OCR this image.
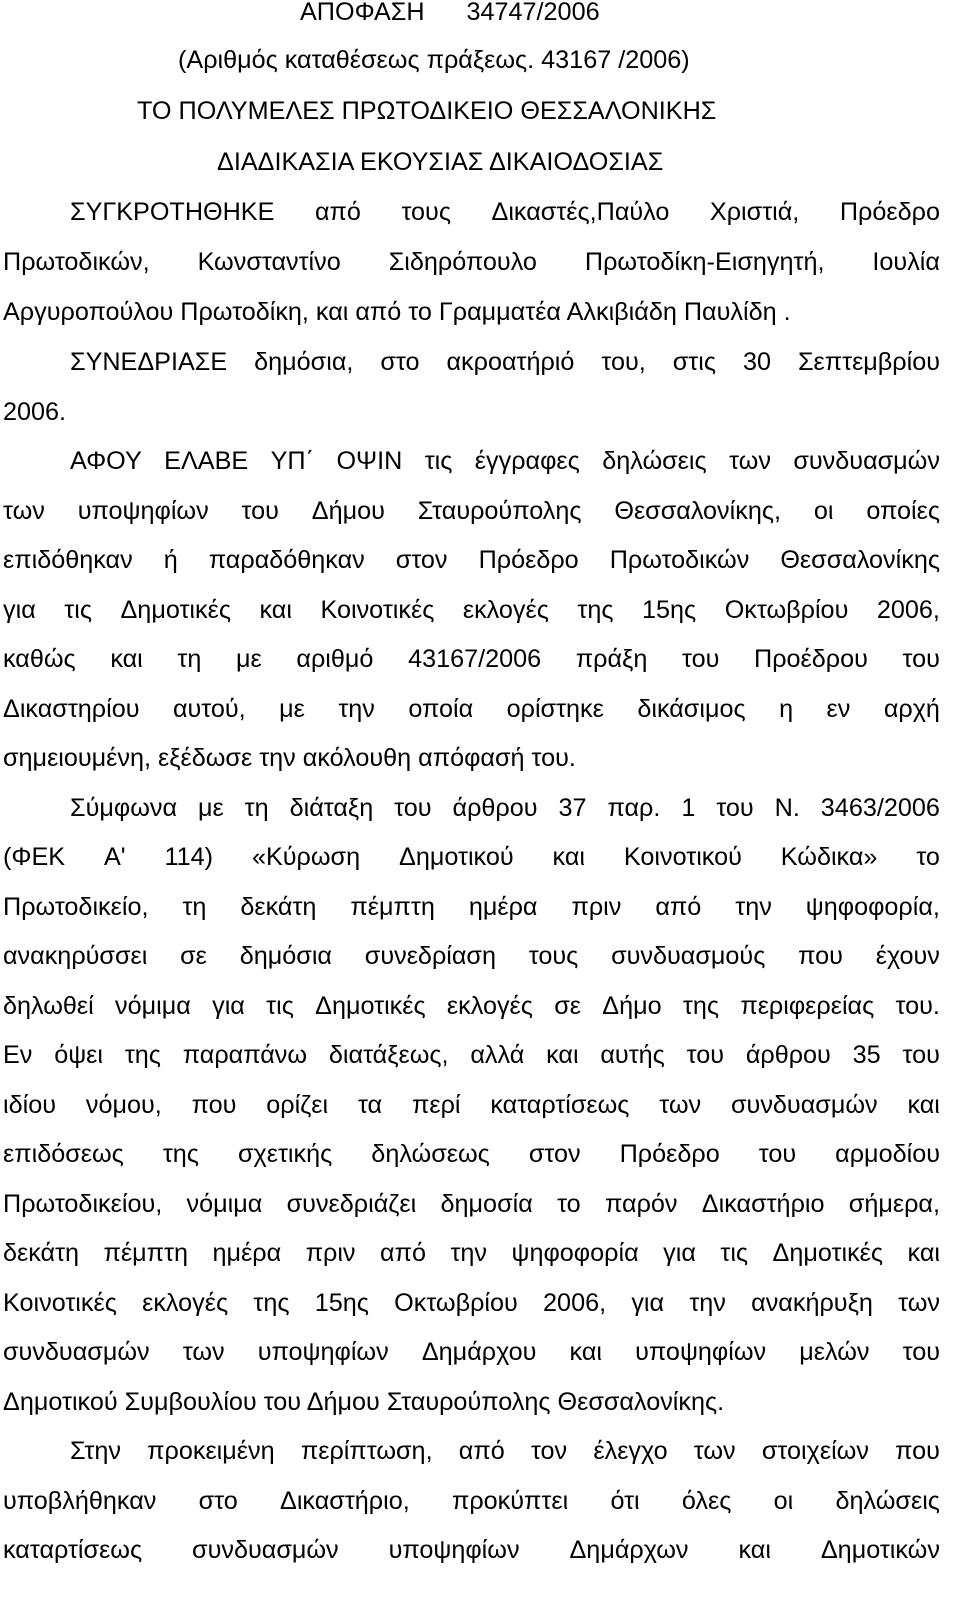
ΑΠΟΦΑΣΗ 34747/2006

(Αριθμός καταθέσεως πράξεως. 43167 /2006)

ΤΟ ΠΟΛΥΜΕΛΕΣ ΠΡΩΤΟΔΙΚΕΙΟ ΘΕΣΣΑΛΟΝΙΚΗΣ

ΔΙΑΔΙΚΑΣΙΑ ΕΚΟΥΣΙΑΣ ΔΙΚΑΙΟΔΟΣΙΑΣ

ΣΥΓΚΡΟΤΗΘΗΚΕ από τους Δικαστές,Παύλο Χριστιά, Πρόεδρο

Πρωτοδικών, Κωνσταντίνο Σιδηρόπουλο Πρωτοδίκη-Εισηγητή, Ιουλία

Αργυροπούλου Πρωτοδίκη, και από το Γραμματέα Αλκιβιάδη Παυλίδη .

ΣΥΝΕΔΡΙΑΣΕ δημόσια, στο ακροατήριό του, στις 30 Σεπτεμβρίου

2006.

ΑΦΟΥ ΕΛΑΒΕ ΥΠ΄ ΟΨΙΝ τις έγγραφες δηλώσεις των συνδυασμών

των υποψηφίων του Δήμου Σταυρούπολης Θεσσαλονίκης, οι οποίες

επιδόθηκαν ή παραδόθηκαν στον Πρόεδρο Πρωτοδικών Θεσσαλονίκης

για τις Δημοτικές και Κοινοτικές εκλογές της 15ης Οκτωβρίου 2006,

καθώς και τη με αριθμό 43167/2006 πράξη του Προέδρου του

Δικαστηρίου αυτού, με την οποία ορίστηκε δικάσιμος η εν αρχή

σημειουμένη, εξέδωσε την ακόλουθη απόφασή του.

Σύμφωνα με τη διάταξη του άρθρου 37 παρ. 1 του Ν. 3463/2006

(ΦΕΚ Α' 114) «Κύρωση Δημοτικού και Κοινοτικού Κώδικα» το

Πρωτοδικείο, τη δεκάτη πέμπτη ημέρα πριν από την ψηφοφορία,

ανακηρύσσει σε δημόσια συνεδρίαση τους συνδυασμούς που έχουν

δηλωθεί νόμιμα για τις Δημοτικές εκλογές σε Δήμο της περιφερείας του.

Εν όψει της παραπάνω διατάξεως, αλλά και αυτής του άρθρου 35 του

ιδίου νόμου, που ορίζει τα περί καταρτίσεως των συνδυασμών και

επιδόσεως της σχετικής δηλώσεως στον Πρόεδρο του αρμοδίου

Πρωτοδικείου, νόμιμα συνεδριάζει δημοσία το παρόν Δικαστήριο σήμερα,

δεκάτη πέμπτη ημέρα πριν από την ψηφοφορία για τις Δημοτικές και

Κοινοτικές εκλογές της 15ης Οκτωβρίου 2006, για την ανακήρυξη των

συνδυασμών των υποψηφίων Δημάρχου και υποψηφίων μελών του

Δημοτικού Συμβουλίου του Δήμου Σταυρούπολης Θεσσαλονίκης.

Στην προκειμένη περίπτωση, από τον έλεγχο των στοιχείων που

υποβλήθηκαν στο Δικαστήριο, προκύπτει ότι όλες οι δηλώσεις

καταρτίσεως συνδυασμών υποψηφίων Δημάρχων και Δημοτικών
